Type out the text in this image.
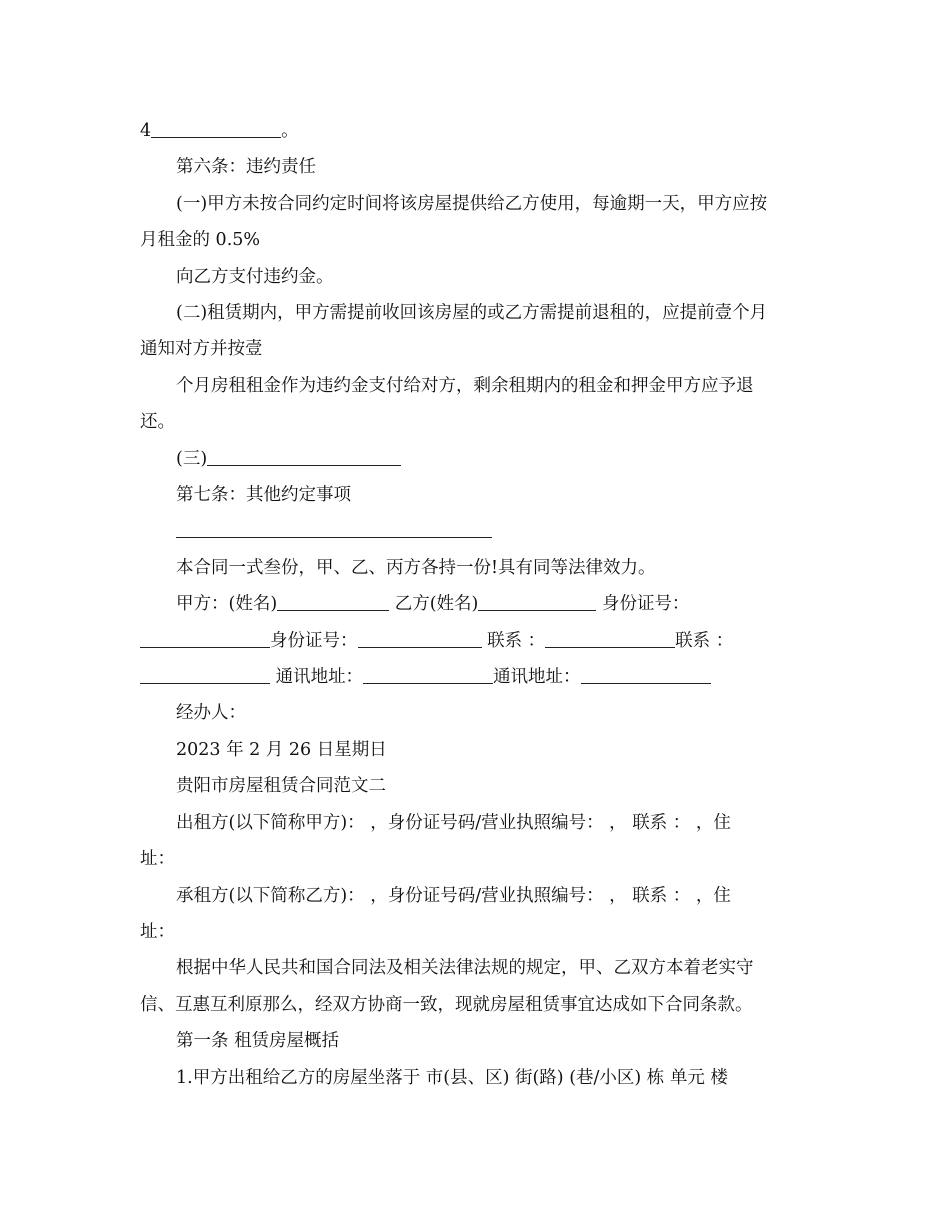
4	。
第六条：违约责任
(一)甲方未按合同约定时间将该房屋提供给乙方使用，每逾期一天，甲方应按
月租金的 0.5%
向乙方支付违约金。
(二)租赁期内，甲方需提前收回该房屋的或乙方需提前退租的，应提前壹个月
通知对方并按壹
个月房租租金作为违约金支付给对方，剩余租期内的租金和押金甲方应予退
还。
(三)
第七条：其他约定事项
本合同一式叁份，甲、乙、丙方各持一份!具有同等法律效力。
甲方：(姓名)	乙方(姓名)	身份证号：
身份证号：	联系 ：	联系 ：
通讯地址：	通讯地址：
经办人：
2023 年 2 月 26 日星期日
贵阳市房屋租赁合同范文二
出租方(以下简称甲方)： ，身份证号码/营业执照编号： ， 联系 ： ，住
址：
承租方(以下简称乙方)： ，身份证号码/营业执照编号： ， 联系 ： ，住
址：
根据中华人民共和国合同法及相关法律法规的规定，甲、乙双方本着老实守
信、互惠互利原那么，经双方协商一致，现就房屋租赁事宜达成如下合同条款。
第一条 租赁房屋概括
1.甲方出租给乙方的房屋坐落于 市(县、区) 街(路) (巷/小区) 栋 单元 楼
